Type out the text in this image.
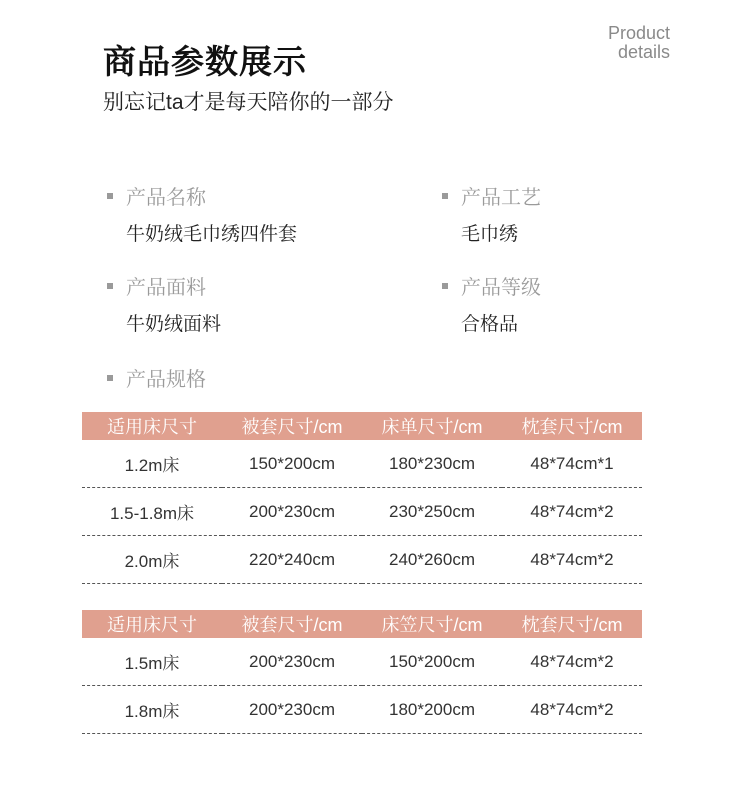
商品参数展示
别忘记ta才是每天陪你的一部分
Product
details
产品名称
牛奶绒毛巾绣四件套
产品工艺
毛巾绣
产品面料
牛奶绒面料
产品等级
合格品
产品规格
适用床尺寸	被套尺寸/cm	床单尺寸/cm	枕套尺寸/cm
1.2m床	150*200cm	180*230cm	48*74cm*1
1.5-1.8m床	200*230cm	230*250cm	48*74cm*2
2.0m床	220*240cm	240*260cm	48*74cm*2
适用床尺寸	被套尺寸/cm	床笠尺寸/cm	枕套尺寸/cm
1.5m床	200*230cm	150*200cm	48*74cm*2
1.8m床	200*230cm	180*200cm	48*74cm*2
